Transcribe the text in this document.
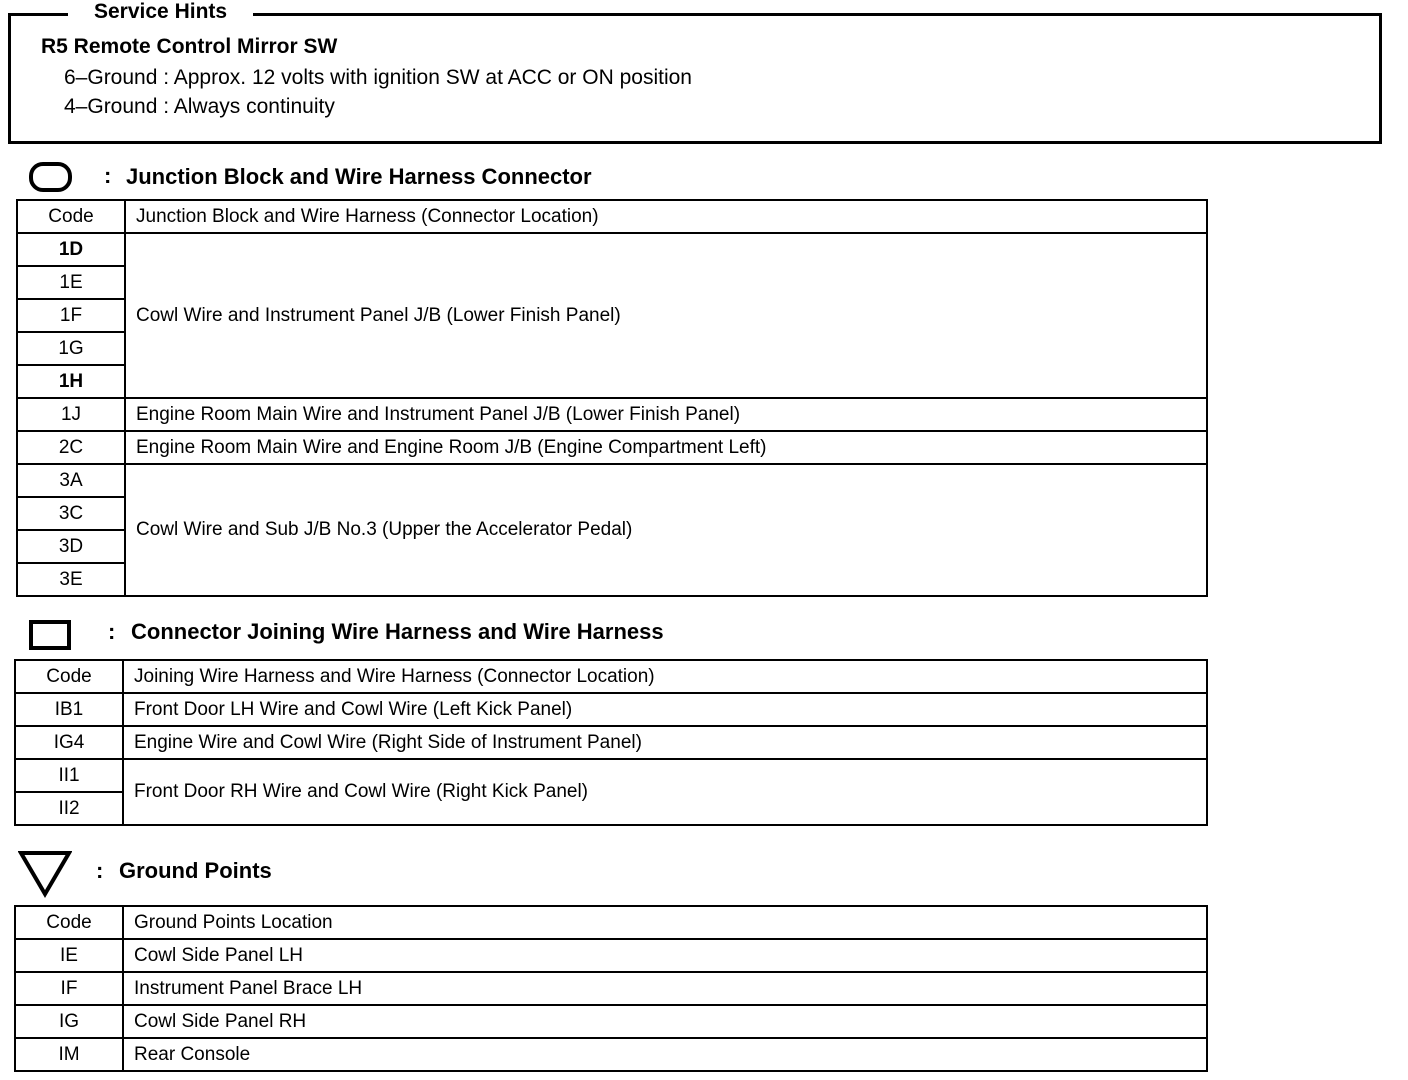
Service Hints
R5 Remote Control Mirror SW
6–Ground : Approx. 12 volts with ignition SW at ACC or ON position
4–Ground : Always continuity
: Junction Block and Wire Harness Connector
Code	Junction Block and Wire Harness (Connector Location)
1D	Cowl Wire and Instrument Panel J/B (Lower Finish Panel)
1E	
1F	
1G	
1H	
1J	Engine Room Main Wire and Instrument Panel J/B (Lower Finish Panel)
2C	Engine Room Main Wire and Engine Room J/B (Engine Compartment Left)
3A	Cowl Wire and Sub J/B No.3 (Upper the Accelerator Pedal)
3C	
3D	
3E	
: Connector Joining Wire Harness and Wire Harness
Code	Joining Wire Harness and Wire Harness (Connector Location)
IB1	Front Door LH Wire and Cowl Wire (Left Kick Panel)
IG4	Engine Wire and Cowl Wire (Right Side of Instrument Panel)
II1	Front Door RH Wire and Cowl Wire (Right Kick Panel)
II2	
: Ground Points
Code	Ground Points Location
IE	Cowl Side Panel LH
IF	Instrument Panel Brace LH
IG	Cowl Side Panel RH
IM	Rear Console
